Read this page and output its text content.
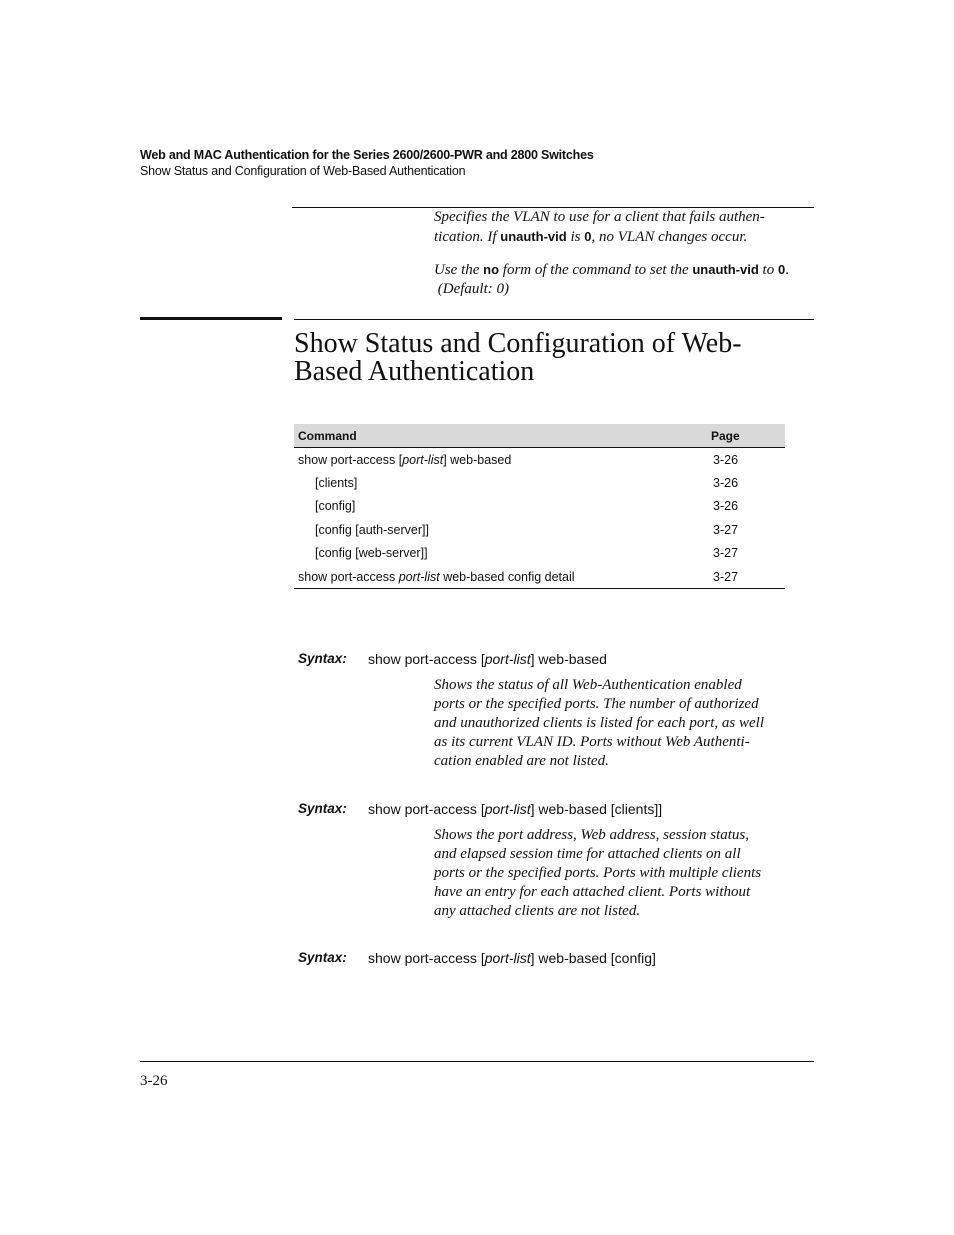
Web and MAC Authentication for the Series 2600/2600-PWR and 2800 Switches
Show Status and Configuration of Web-Based Authentication
Specifies the VLAN to use for a client that fails authen-
tication. If unauth-vid is 0, no VLAN changes occur.
Use the no form of the command to set the unauth-vid to 0.
(Default: 0)
Show Status and Configuration of Web-
Based Authentication
Command	Page
show port-access [port-list] web-based	3-26
[clients]	3-26
[config]	3-26
[config [auth-server]]	3-27
[config [web-server]]	3-27
show port-access port-list web-based config detail	3-27
Syntax: show port-access [port-list] web-based
Shows the status of all Web-Authentication enabled
ports or the specified ports. The number of authorized
and unauthorized clients is listed for each port, as well
as its current VLAN ID. Ports without Web Authenti-
cation enabled are not listed.
Syntax: show port-access [port-list] web-based [clients]]
Shows the port address, Web address, session status,
and elapsed session time for attached clients on all
ports or the specified ports. Ports with multiple clients
have an entry for each attached client. Ports without
any attached clients are not listed.
Syntax: show port-access [port-list] web-based [config]
3-26
